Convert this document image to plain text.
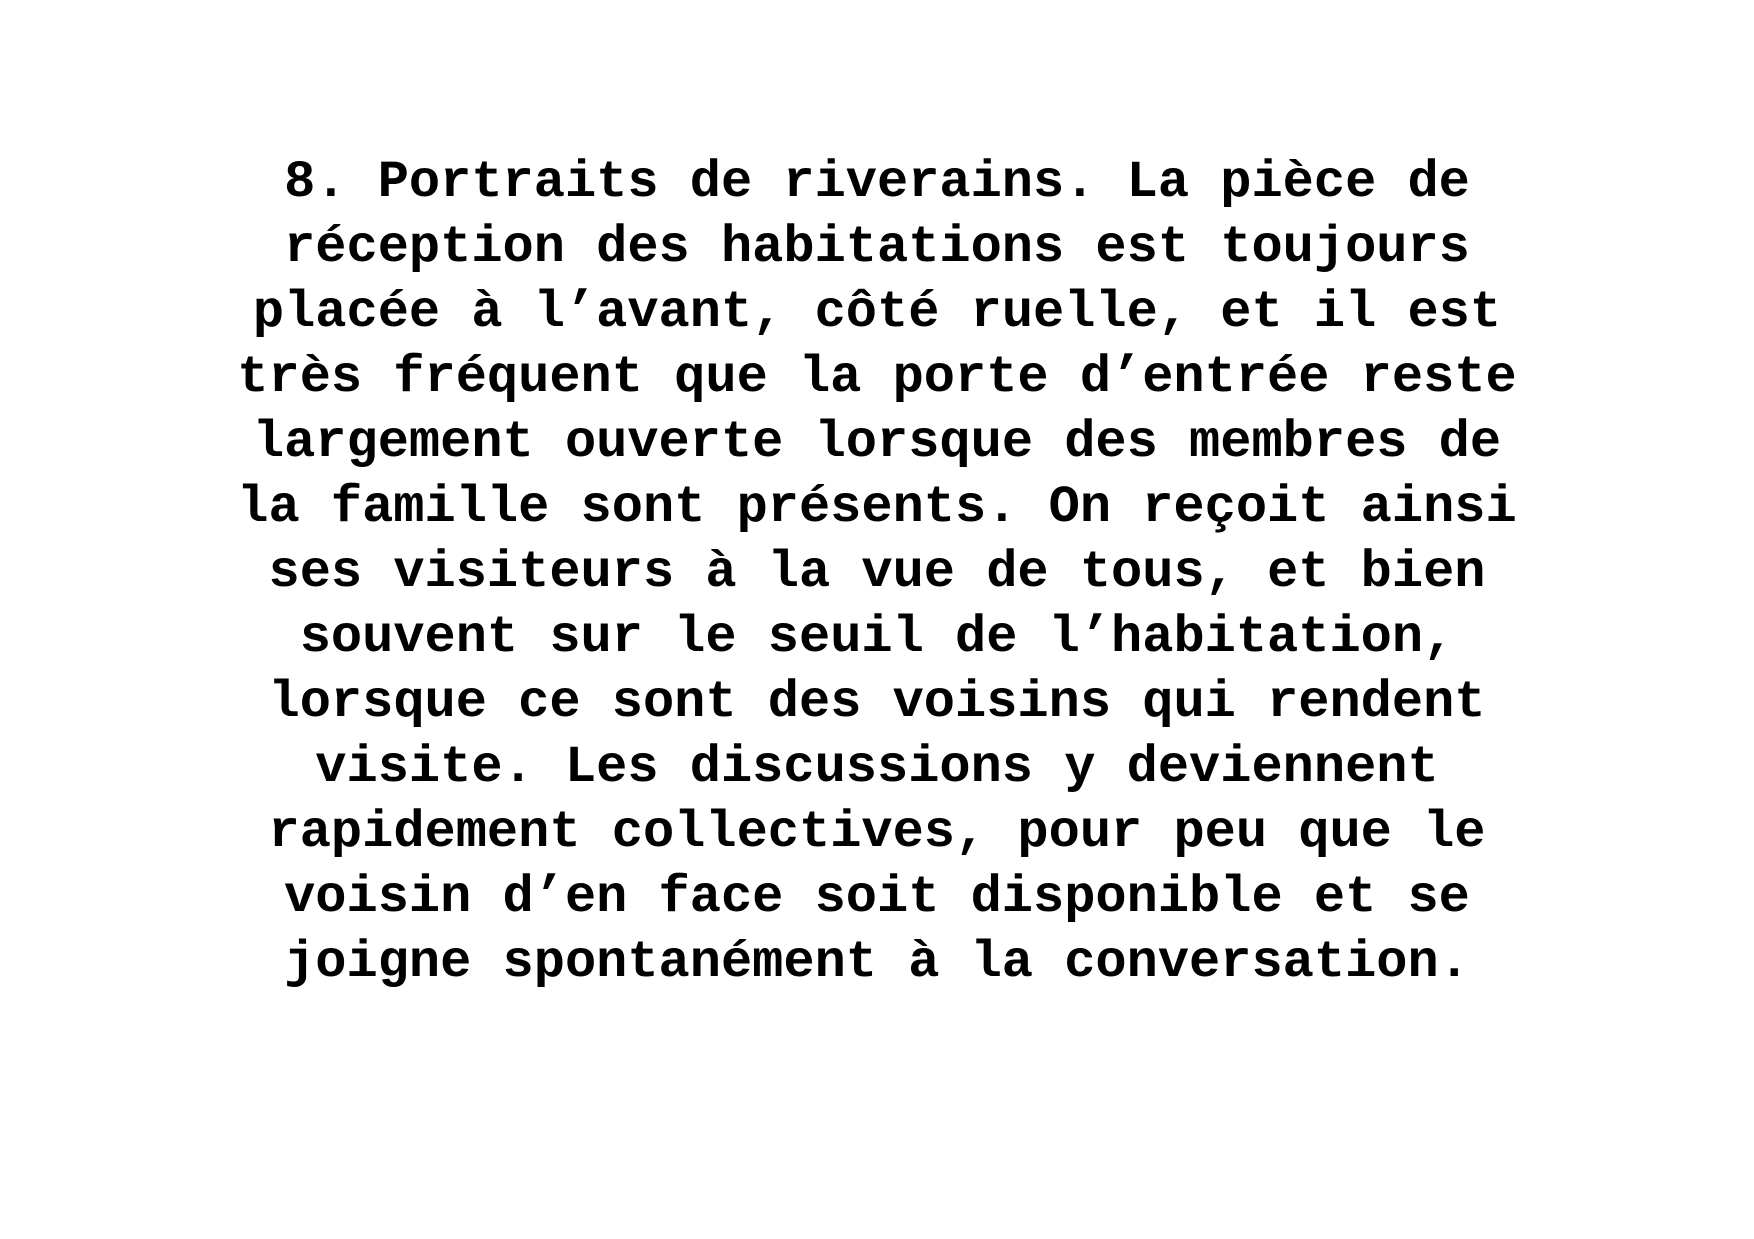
8. Portraits de riverains. La pièce de
réception des habitations est toujours
placée à l’avant, côté ruelle, et il est
très fréquent que la porte d’entrée reste
largement ouverte lorsque des membres de
la famille sont présents. On reçoit ainsi
ses visiteurs à la vue de tous, et bien
souvent sur le seuil de l’habitation,
lorsque ce sont des voisins qui rendent
visite. Les discussions y deviennent
rapidement collectives, pour peu que le
voisin d’en face soit disponible et se
joigne spontanément à la conversation.
